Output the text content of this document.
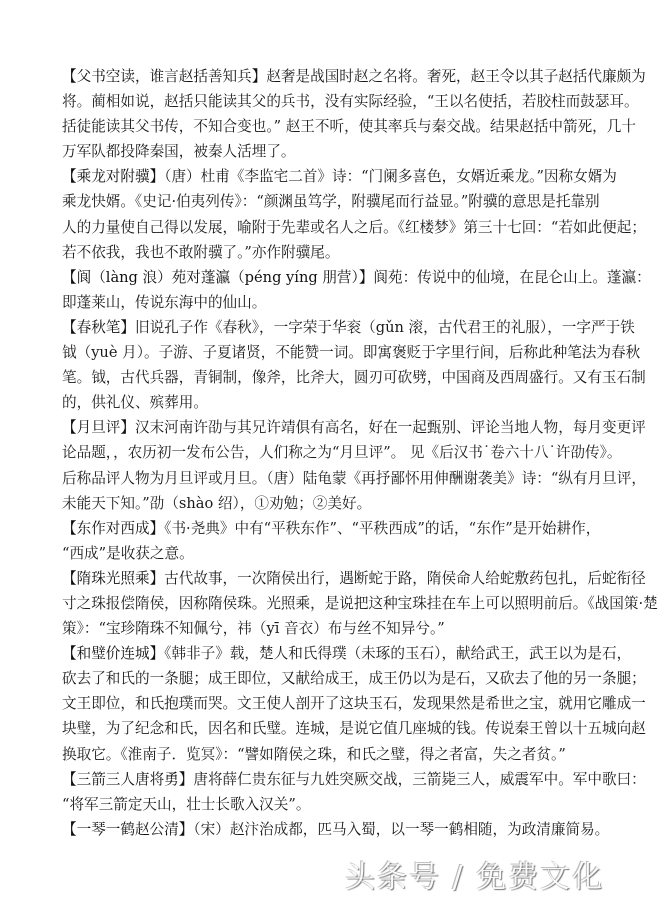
【父书空读，谁言赵括善知兵】赵奢是战国时赵之名将。奢死，赵王令以其子赵括代廉颇为
将。蔺相如说，赵括只能读其父的兵书，没有实际经验，“王以名使括，若胶柱而鼓瑟耳。
括徒能读其父书传，不知合变也。” 赵王不听，使其率兵与秦交战。结果赵括中箭死，几十
万军队都投降秦国，被秦人活埋了。
【乘龙对附骥】（唐）杜甫《李监宅二首》诗：“门阑多喜色，女婿近乘龙。”因称女婿为
乘龙快婿。《史记·伯夷列传》：“颜渊虽笃学，附骥尾而行益显。”附骥的意思是托靠别
人的力量使自己得以发展，喻附于先辈或名人之后。《红楼梦》第三十七回：“若如此便起；
若不依我，我也不敢附骥了。”亦作附骥尾。
【阆（làng 浪）苑对蓬瀛（péng yíng 朋营）】阆苑：传说中的仙境，在昆仑山上。蓬瀛：
即蓬莱山，传说东海中的仙山。
【春秋笔】旧说孔子作《春秋》，一字荣于华衮（gǔn 滚，古代君王的礼服），一字严于铁
钺（yuè 月）。子游、子夏诸贤，不能赞一词。即寓褒贬于字里行间，后称此种笔法为春秋
笔。钺，古代兵器，青铜制，像斧，比斧大，圆刃可砍劈，中国商及西周盛行。又有玉石制
的，供礼仪、殡葬用。
【月旦评】汉末河南许劭与其兄许靖俱有高名，好在一起甄别、评论当地人物，每月变更评
论品题，，农历初一发布公告，人们称之为“月旦评”。 见《后汉书˙卷六十八˙许劭传》。
后称品评人物为月旦评或月旦。（唐）陆龟蒙《再抒鄙怀用伸酬谢袭美》诗：“纵有月旦评，
未能天下知。”劭（shào 绍），①劝勉；②美好。
【东作对西成】《书·尧典》中有“平秩东作”、“平秩西成”的话，“东作”是开始耕作，
“西成”是收获之意。
【隋珠光照乘】古代故事，一次隋侯出行，遇断蛇于路，隋侯命人给蛇敷药包扎，后蛇衔径
寸之珠报偿隋侯，因称隋侯珠。光照乘，是说把这种宝珠挂在车上可以照明前后。《战国策·楚
策》：“宝珍隋珠不知佩兮，祎（yī 音衣）布与丝不知异兮。”
【和璧价连城】《韩非子》载，楚人和氏得璞（未琢的玉石），献给武王，武王以为是石，
砍去了和氏的一条腿；成王即位，又献给成王，成王仍以为是石，又砍去了他的另一条腿；
文王即位，和氏抱璞而哭。文王使人剖开了这块玉石，发现果然是希世之宝，就用它雕成一
块璧，为了纪念和氏，因名和氏璧。连城，是说它值几座城的钱。传说秦王曾以十五城向赵
换取它。《淮南子．览冥》：“譬如隋侯之珠，和氏之璧，得之者富，失之者贫。”
【三箭三人唐将勇】唐将薛仁贵东征与九姓突厥交战，三箭毙三人，威震军中。军中歌曰：
“将军三箭定天山，壮士长歌入汉关”。
【一琴一鹤赵公清】（宋）赵汴治成都，匹马入蜀，以一琴一鹤相随，为政清廉简易。
头条号 / 免费文化
